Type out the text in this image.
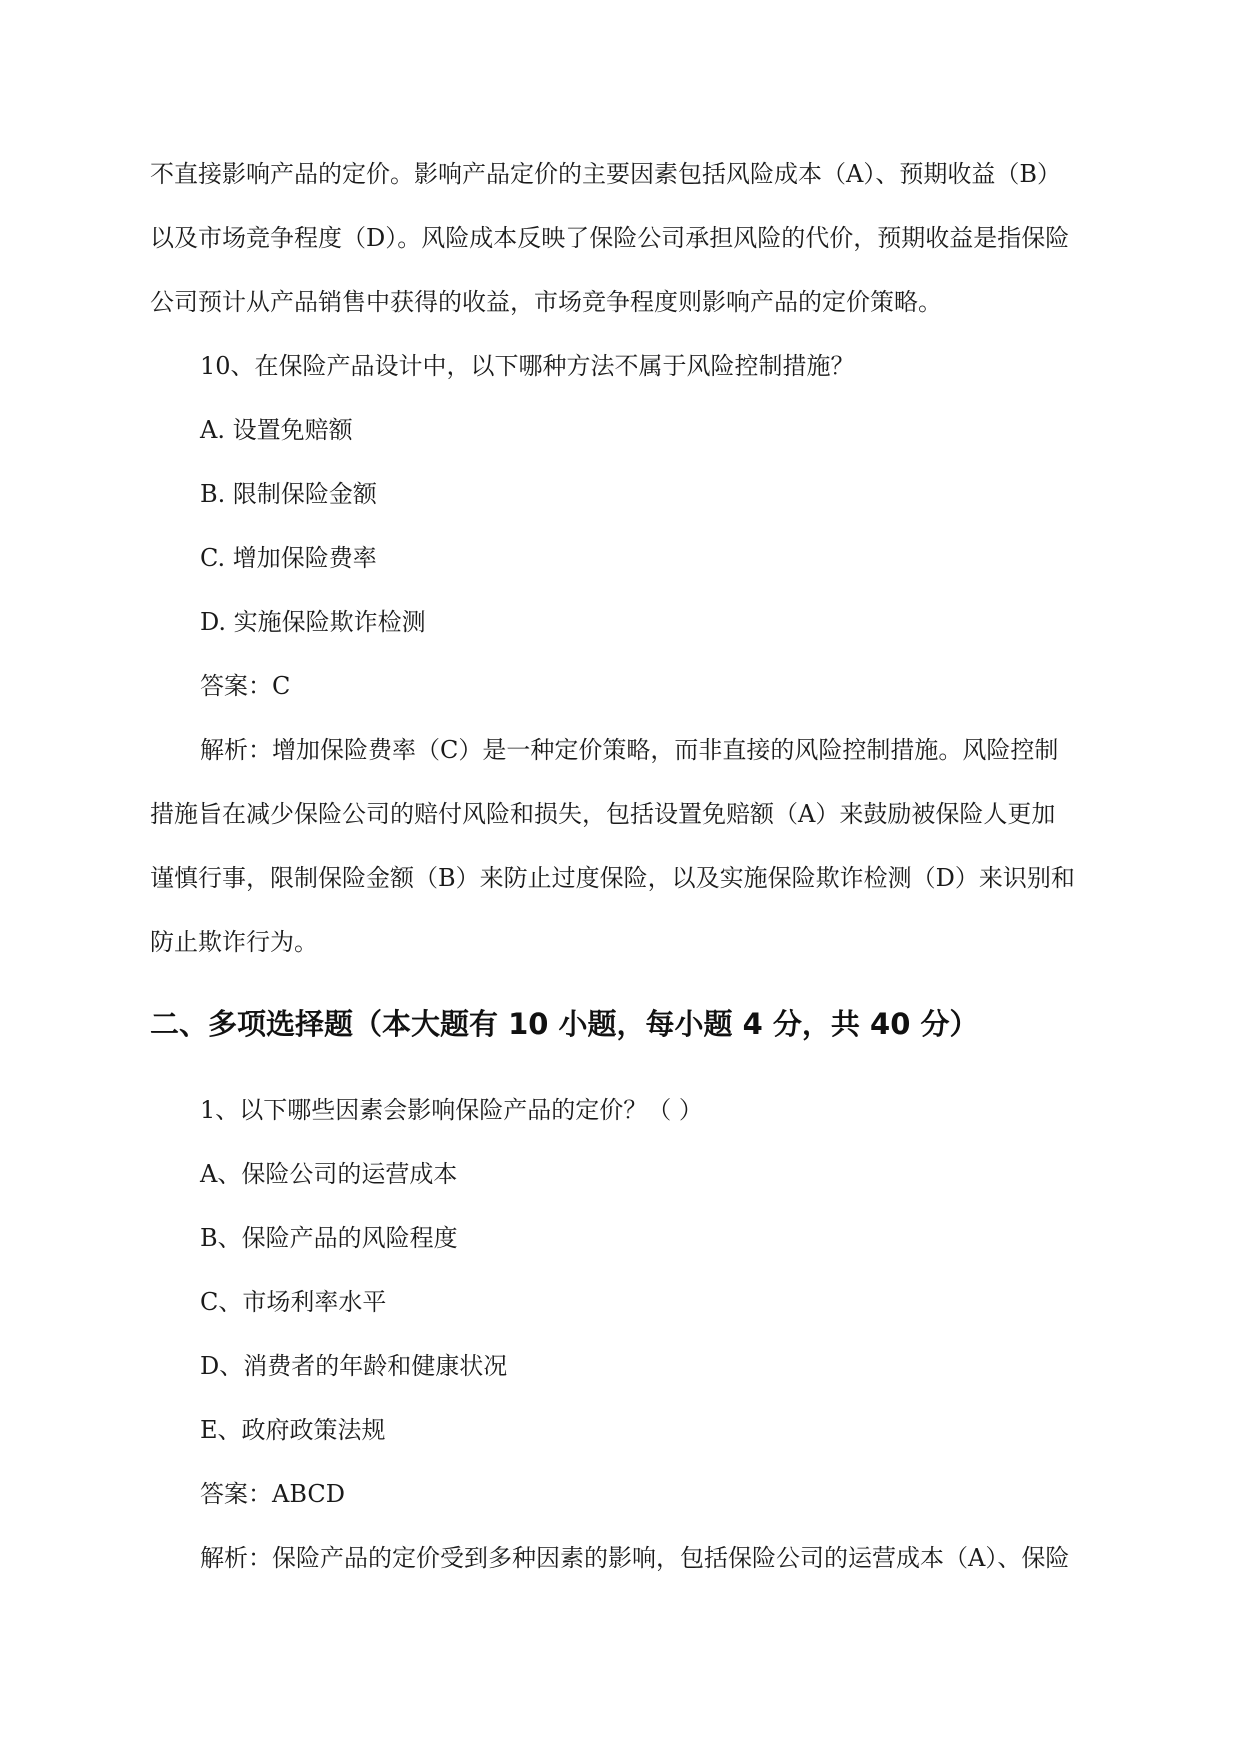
不直接影响产品的定价。影响产品定价的主要因素包括风险成本（A）、预期收益（B）

以及市场竞争程度（D）。风险成本反映了保险公司承担风险的代价，预期收益是指保险

公司预计从产品销售中获得的收益，市场竞争程度则影响产品的定价策略。

10、在保险产品设计中，以下哪种方法不属于风险控制措施？

A. 设置免赔额

B. 限制保险金额

C. 增加保险费率

D. 实施保险欺诈检测

答案：C

解析：增加保险费率（C）是一种定价策略，而非直接的风险控制措施。风险控制

措施旨在减少保险公司的赔付风险和损失，包括设置免赔额（A）来鼓励被保险人更加

谨慎行事，限制保险金额（B）来防止过度保险，以及实施保险欺诈检测（D）来识别和

防止欺诈行为。

二、多项选择题（本大题有 10 小题，每小题 4 分，共 40 分）

1、以下哪些因素会影响保险产品的定价？（ ）

A、保险公司的运营成本

B、保险产品的风险程度

C、市场利率水平

D、消费者的年龄和健康状况

E、政府政策法规

答案：ABCD

解析：保险产品的定价受到多种因素的影响，包括保险公司的运营成本（A）、保险
